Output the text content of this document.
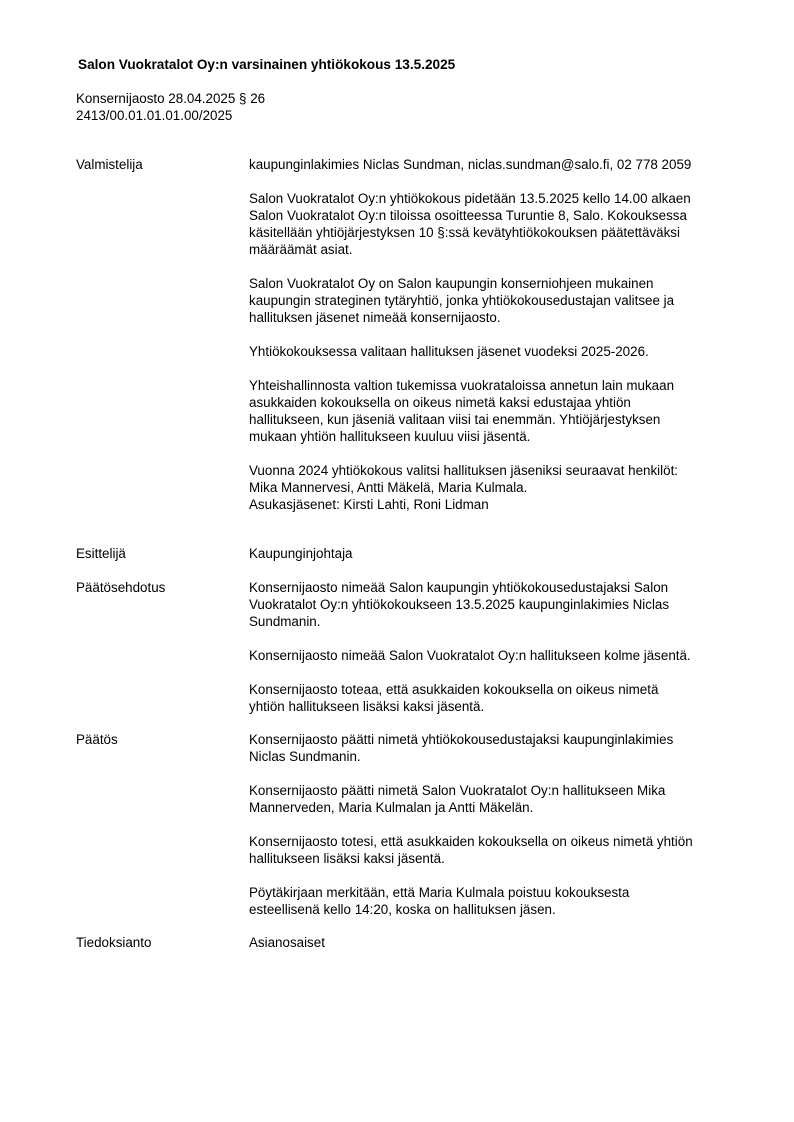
Salon Vuokratalot Oy:n varsinainen yhtiökokous 13.5.2025
Konsernijaosto 28.04.2025 § 26
2413/00.01.01.01.00/2025
Valmistelija	kaupunginlakimies Niclas Sundman, niclas.sundman@salo.fi, 02 778 2059

Salon Vuokratalot Oy:n yhtiökokous pidetään 13.5.2025 kello 14.00 alkaen
Salon Vuokratalot Oy:n tiloissa osoitteessa Turuntie 8, Salo. Kokouksessa
käsitellään yhtiöjärjestyksen 10 §:ssä kevätyhtiökokouksen päätettäväksi
määräämät asiat.

Salon Vuokratalot Oy on Salon kaupungin konserniohjeen mukainen
kaupungin strateginen tytäryhtiö, jonka yhtiökokousedustajan valitsee ja
hallituksen jäsenet nimeää konsernijaosto.

Yhtiökokouksessa valitaan hallituksen jäsenet vuodeksi 2025-2026.

Yhteishallinnosta valtion tukemissa vuokrataloissa annetun lain mukaan
asukkaiden kokouksella on oikeus nimetä kaksi edustajaa yhtiön
hallitukseen, kun jäseniä valitaan viisi tai enemmän. Yhtiöjärjestyksen
mukaan yhtiön hallitukseen kuuluu viisi jäsentä.

Vuonna 2024 yhtiökokous valitsi hallituksen jäseniksi seuraavat henkilöt:
Mika Mannervesi, Antti Mäkelä, Maria Kulmala.
Asukasjäsenet: Kirsti Lahti, Roni Lidman

Esittelijä	Kaupunginjohtaja

Päätösehdotus	Konsernijaosto nimeää Salon kaupungin yhtiökokousedustajaksi Salon
Vuokratalot Oy:n yhtiökokoukseen 13.5.2025 kaupunginlakimies Niclas
Sundmanin.

Konsernijaosto nimeää Salon Vuokratalot Oy:n hallitukseen kolme jäsentä.

Konsernijaosto toteaa, että asukkaiden kokouksella on oikeus nimetä
yhtiön hallitukseen lisäksi kaksi jäsentä.

Päätös	Konsernijaosto päätti nimetä yhtiökokousedustajaksi kaupunginlakimies
Niclas Sundmanin.

Konsernijaosto päätti nimetä Salon Vuokratalot Oy:n hallitukseen Mika
Mannerveden, Maria Kulmalan ja Antti Mäkelän.

Konsernijaosto totesi, että asukkaiden kokouksella on oikeus nimetä yhtiön
hallitukseen lisäksi kaksi jäsentä.

Pöytäkirjaan merkitään, että Maria Kulmala poistuu kokouksesta
esteellisenä kello 14:20, koska on hallituksen jäsen.

Tiedoksianto	Asianosaiset
